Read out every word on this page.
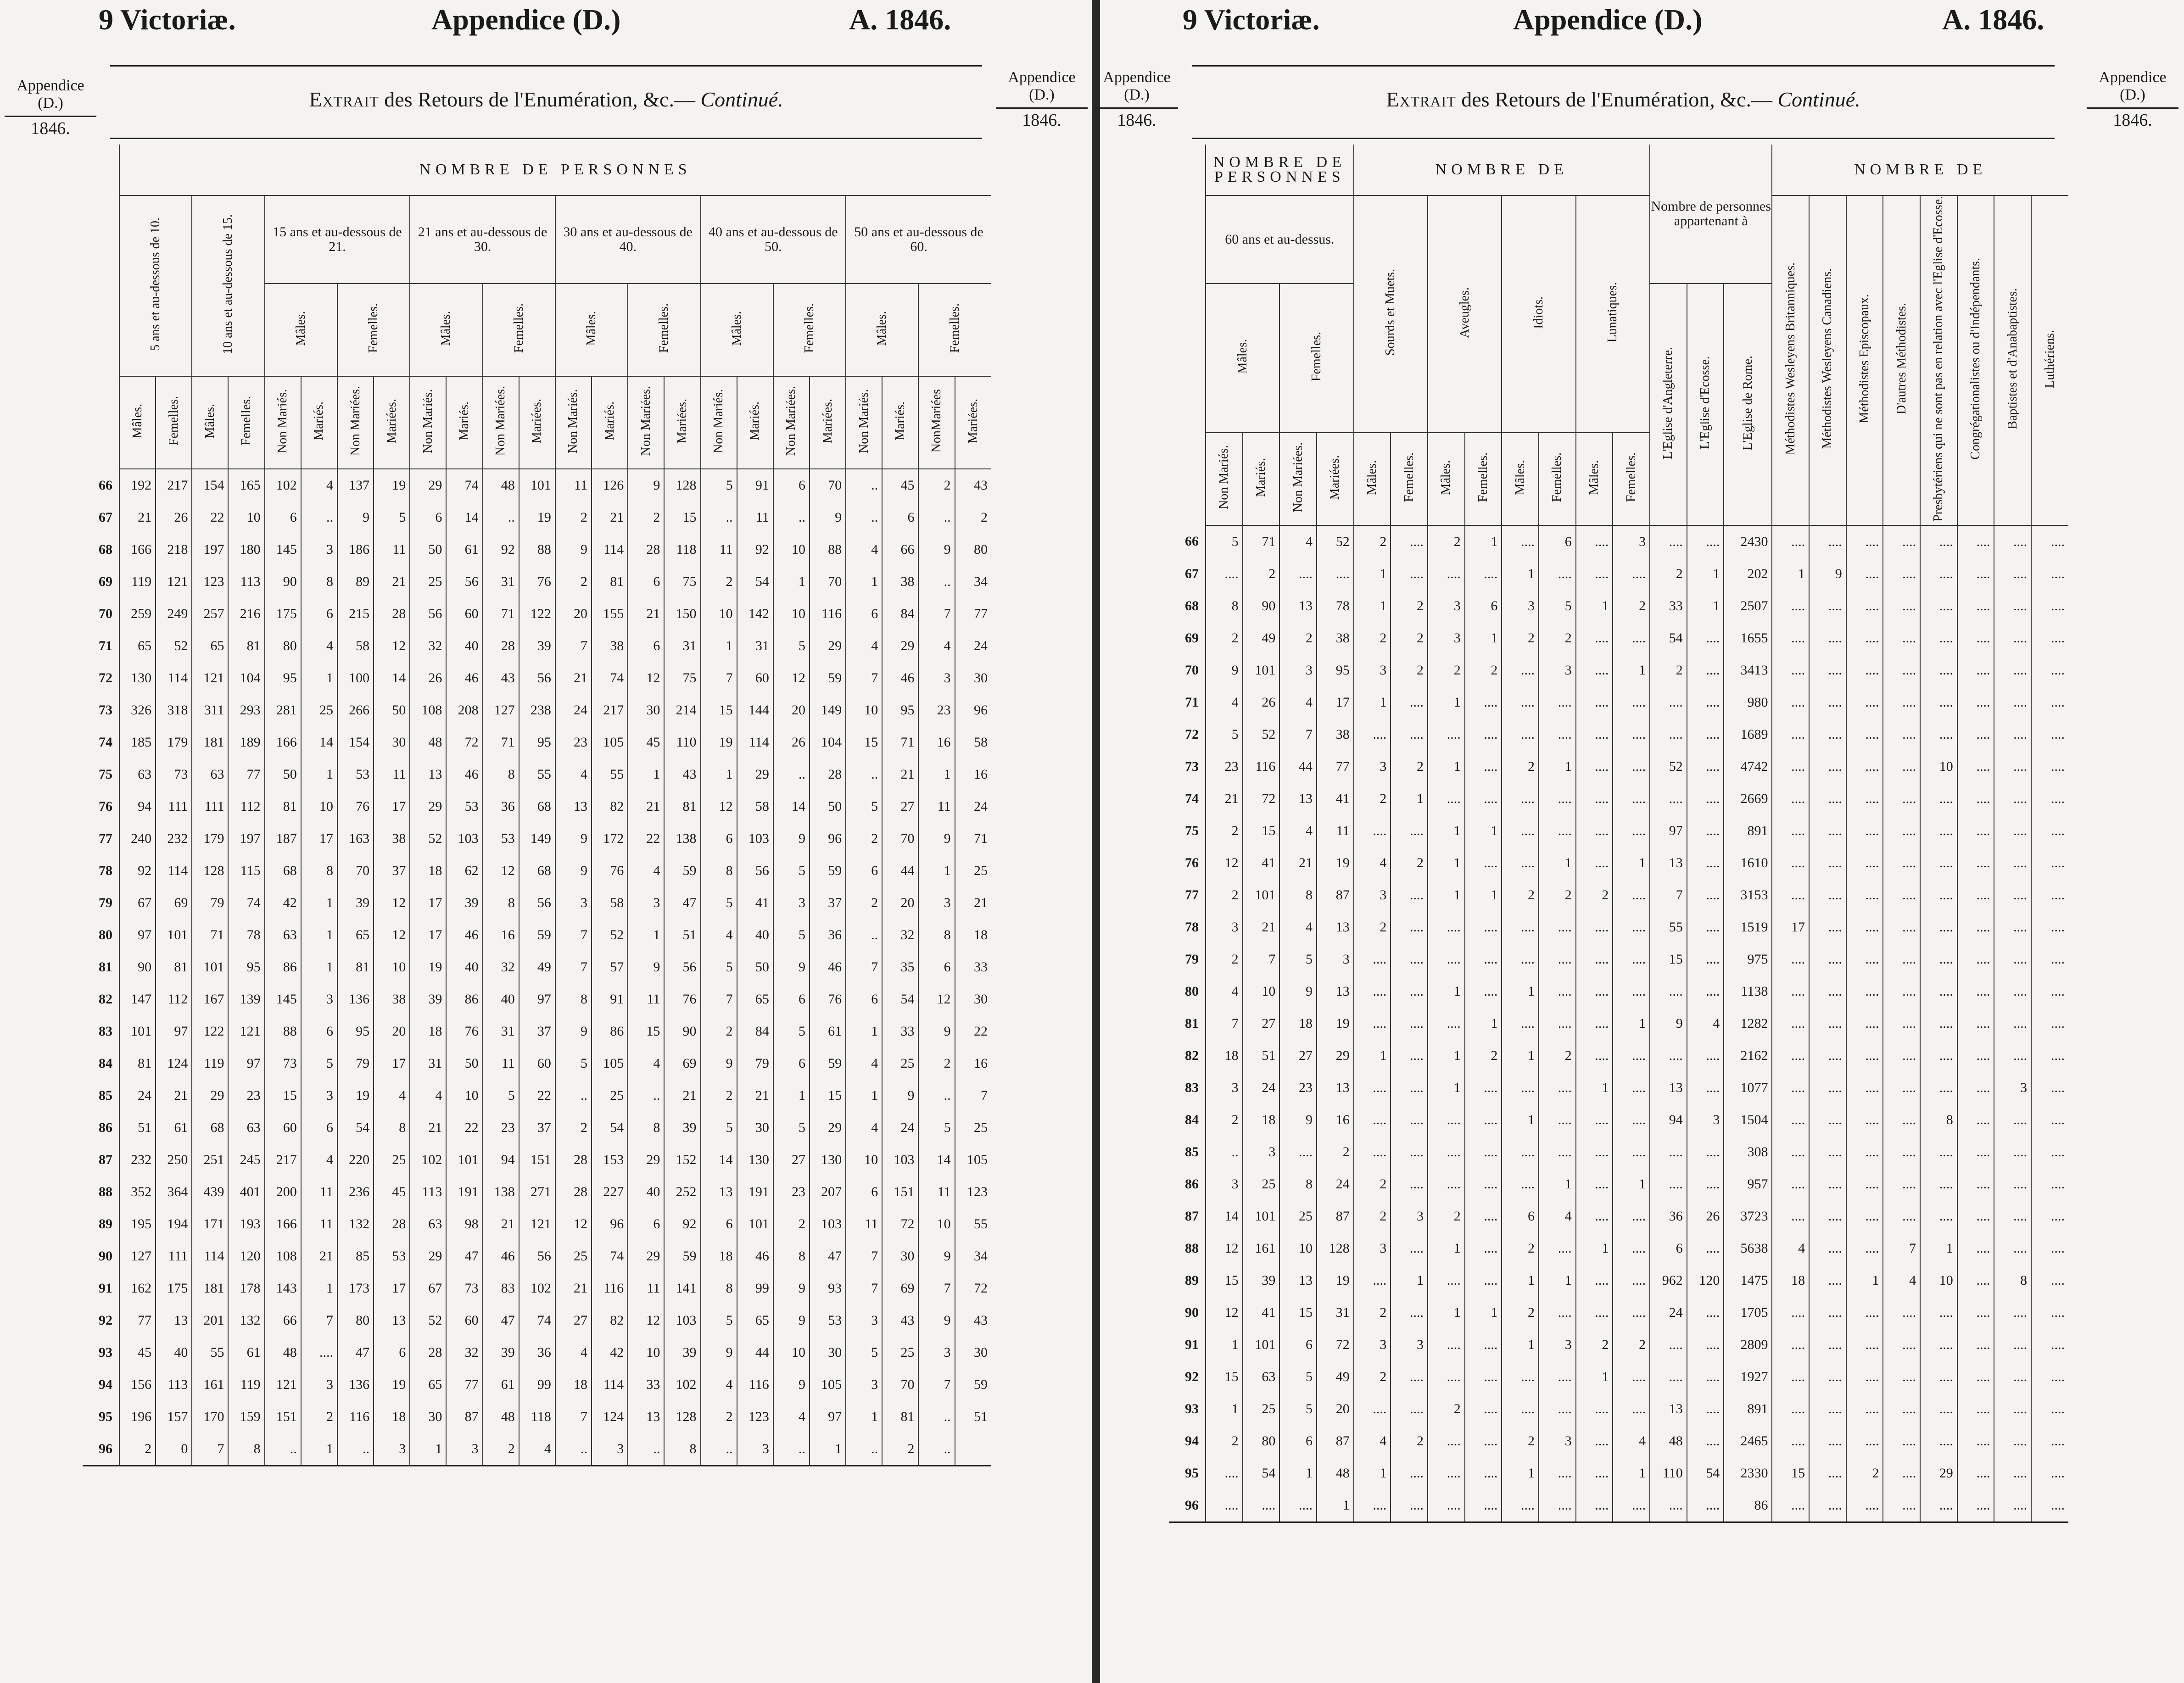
9 Victoriæ.	Appendice (D.)	A. 1846.
Extrait des Retours de l'Enumération, &c.— Continué.
Appendice
(D.)
1846.
Appendice
(D.)
1846.
	NOMBRE DE PERSONNES																							
	5 ans et au-dessous de 10.		10 ans et au-dessous de 15.		15 ans et au-dessous de 21.				21 ans et au-dessous de 30.				30 ans et au-dessous de 40.				40 ans et au-dessous de 50.				50 ans et au-dessous de 60.			
					Mâles.		Femelles.		Mâles.		Femelles.		Mâles.		Femelles.		Mâles.		Femelles.		Mâles.		Femelles.	
	Mâles.	Femelles.	Mâles.	Femelles.	Non Mariés.	Mariés.	Non Mariées.	Mariées.	Non Mariés.	Mariés.	Non Mariées.	Mariées.	Non Mariés.	Mariés.	Non Mariées.	Mariées.	Non Mariés.	Mariés.	Non Mariées.	Mariées.	Non Mariés.	Mariés.	NonMariées	Mariées.
66	192	217	154	165	102	4	137	19	29	74	48	101	11	126	9	128	5	91	6	70	..	45	2	43
67	21	26	22	10	6	..	9	5	6	14	..	19	2	21	2	15	..	11	..	9	..	6	..	2
68	166	218	197	180	145	3	186	11	50	61	92	88	9	114	28	118	11	92	10	88	4	66	9	80
69	119	121	123	113	90	8	89	21	25	56	31	76	2	81	6	75	2	54	1	70	1	38	..	34
70	259	249	257	216	175	6	215	28	56	60	71	122	20	155	21	150	10	142	10	116	6	84	7	77
71	65	52	65	81	80	4	58	12	32	40	28	39	7	38	6	31	1	31	5	29	4	29	4	24
72	130	114	121	104	95	1	100	14	26	46	43	56	21	74	12	75	7	60	12	59	7	46	3	30
73	326	318	311	293	281	25	266	50	108	208	127	238	24	217	30	214	15	144	20	149	10	95	23	96
74	185	179	181	189	166	14	154	30	48	72	71	95	23	105	45	110	19	114	26	104	15	71	16	58
75	63	73	63	77	50	1	53	11	13	46	8	55	4	55	1	43	1	29	..	28	..	21	1	16
76	94	111	111	112	81	10	76	17	29	53	36	68	13	82	21	81	12	58	14	50	5	27	11	24
77	240	232	179	197	187	17	163	38	52	103	53	149	9	172	22	138	6	103	9	96	2	70	9	71
78	92	114	128	115	68	8	70	37	18	62	12	68	9	76	4	59	8	56	5	59	6	44	1	25
79	67	69	79	74	42	1	39	12	17	39	8	56	3	58	3	47	5	41	3	37	2	20	3	21
80	97	101	71	78	63	1	65	12	17	46	16	59	7	52	1	51	4	40	5	36	..	32	8	18
81	90	81	101	95	86	1	81	10	19	40	32	49	7	57	9	56	5	50	9	46	7	35	6	33
82	147	112	167	139	145	3	136	38	39	86	40	97	8	91	11	76	7	65	6	76	6	54	12	30
83	101	97	122	121	88	6	95	20	18	76	31	37	9	86	15	90	2	84	5	61	1	33	9	22
84	81	124	119	97	73	5	79	17	31	50	11	60	5	105	4	69	9	79	6	59	4	25	2	16
85	24	21	29	23	15	3	19	4	4	10	5	22	..	25	..	21	2	21	1	15	1	9	..	7
86	51	61	68	63	60	6	54	8	21	22	23	37	2	54	8	39	5	30	5	29	4	24	5	25
87	232	250	251	245	217	4	220	25	102	101	94	151	28	153	29	152	14	130	27	130	10	103	14	105
88	352	364	439	401	200	11	236	45	113	191	138	271	28	227	40	252	13	191	23	207	6	151	11	123
89	195	194	171	193	166	11	132	28	63	98	21	121	12	96	6	92	6	101	2	103	11	72	10	55
90	127	111	114	120	108	21	85	53	29	47	46	56	25	74	29	59	18	46	8	47	7	30	9	34
91	162	175	181	178	143	1	173	17	67	73	83	102	21	116	11	141	8	99	9	93	7	69	7	72
92	77	13	201	132	66	7	80	13	52	60	47	74	27	82	12	103	5	65	9	53	3	43	9	43
93	45	40	55	61	48	....	47	6	28	32	39	36	4	42	10	39	9	44	10	30	5	25	3	30
94	156	113	161	119	121	3	136	19	65	77	61	99	18	114	33	102	4	116	9	105	3	70	7	59
95	196	157	170	159	151	2	116	18	30	87	48	118	7	124	13	128	2	123	4	97	1	81	..	51
96	2	0	7	8	..	1	..	3	1	3	2	4	..	3	..	8	..	3	..	1	..	2	..	
9 Victoriæ.	Appendice (D.)	A. 1846.
Extrait des Retours de l'Enumération, &c.— Continué.
Appendice
(D.)
1846.
Appendice
(D.)
1846.
	NOMBRE DE PERSONNES				NOMBRE DE								Nombre de personnes appartenant à			NOMBRE DE							
	60 ans et au-dessus.				Sourds et Muets.		Aveugles.		Idiots.		Lunatiques.					Méthodistes Wesleyens Britanniques.	Méthodistes Wesleyens Canadiens.	Méthodistes Episcopaux.	D'autres Méthodistes.	Presbytériens qui ne sont pas en relation avec l'Eglise d'Ecosse.	Congrégationalistes ou d'Indépendants.	Baptistes et d'Anabaptistes.	Luthériens.
	Mâles.		Femelles.										L'Eglise d'Angleterre.	L'Eglise d'Ecosse.	L'Eglise de Rome.								
	Non Mariés.	Mariés.	Non Mariées.	Mariées.	Mâles.	Femelles.	Mâles.	Femelles.	Mâles.	Femelles.	Mâles.	Femelles.											
66	5	71	4	52	2	....	2	1	....	6	....	3	....	....	2430	....	....	....	....	....	....	....	....
67	....	2	....	....	1	....	....	....	1	....	....	....	2	1	202	1	9	....	....	....	....	....	....
68	8	90	13	78	1	2	3	6	3	5	1	2	33	1	2507	....	....	....	....	....	....	....	....
69	2	49	2	38	2	2	3	1	2	2	....	....	54	....	1655	....	....	....	....	....	....	....	....
70	9	101	3	95	3	2	2	2	....	3	....	1	2	....	3413	....	....	....	....	....	....	....	....
71	4	26	4	17	1	....	1	....	....	....	....	....	....	....	980	....	....	....	....	....	....	....	....
72	5	52	7	38	....	....	....	....	....	....	....	....	....	....	1689	....	....	....	....	....	....	....	....
73	23	116	44	77	3	2	1	....	2	1	....	....	52	....	4742	....	....	....	....	10	....	....	....
74	21	72	13	41	2	1	....	....	....	....	....	....	....	....	2669	....	....	....	....	....	....	....	....
75	2	15	4	11	....	....	1	1	....	....	....	....	97	....	891	....	....	....	....	....	....	....	....
76	12	41	21	19	4	2	1	....	....	1	....	1	13	....	1610	....	....	....	....	....	....	....	....
77	2	101	8	87	3	....	1	1	2	2	2	....	7	....	3153	....	....	....	....	....	....	....	....
78	3	21	4	13	2	....	....	....	....	....	....	....	55	....	1519	17	....	....	....	....	....	....	....
79	2	7	5	3	....	....	....	....	....	....	....	....	15	....	975	....	....	....	....	....	....	....	....
80	4	10	9	13	....	....	1	....	1	....	....	....	....	....	1138	....	....	....	....	....	....	....	....
81	7	27	18	19	....	....	....	1	....	....	....	1	9	4	1282	....	....	....	....	....	....	....	....
82	18	51	27	29	1	....	1	2	1	2	....	....	....	....	2162	....	....	....	....	....	....	....	....
83	3	24	23	13	....	....	1	....	....	....	1	....	13	....	1077	....	....	....	....	....	....	3	....
84	2	18	9	16	....	....	....	....	1	....	....	....	94	3	1504	....	....	....	....	8	....	....	....
85	..	3	....	2	....	....	....	....	....	....	....	....	....	....	308	....	....	....	....	....	....	....	....
86	3	25	8	24	2	....	....	....	....	1	....	1	....	....	957	....	....	....	....	....	....	....	....
87	14	101	25	87	2	3	2	....	6	4	....	....	36	26	3723	....	....	....	....	....	....	....	....
88	12	161	10	128	3	....	1	....	2	....	1	....	6	....	5638	4	....	....	7	1	....	....	....
89	15	39	13	19	....	1	....	....	1	1	....	....	962	120	1475	18	....	1	4	10	....	8	....
90	12	41	15	31	2	....	1	1	2	....	....	....	24	....	1705	....	....	....	....	....	....	....	....
91	1	101	6	72	3	3	....	....	1	3	2	2	....	....	2809	....	....	....	....	....	....	....	....
92	15	63	5	49	2	....	....	....	....	....	1	....	....	....	1927	....	....	....	....	....	....	....	....
93	1	25	5	20	....	....	2	....	....	....	....	....	13	....	891	....	....	....	....	....	....	....	....
94	2	80	6	87	4	2	....	....	2	3	....	4	48	....	2465	....	....	....	....	....	....	....	....
95	....	54	1	48	1	....	....	....	1	....	....	1	110	54	2330	15	....	2	....	29	....	....	....
96	....	....	....	1	....	....	....	....	....	....	....	....	....	....	86	....	....	....	....	....	....	....	....
